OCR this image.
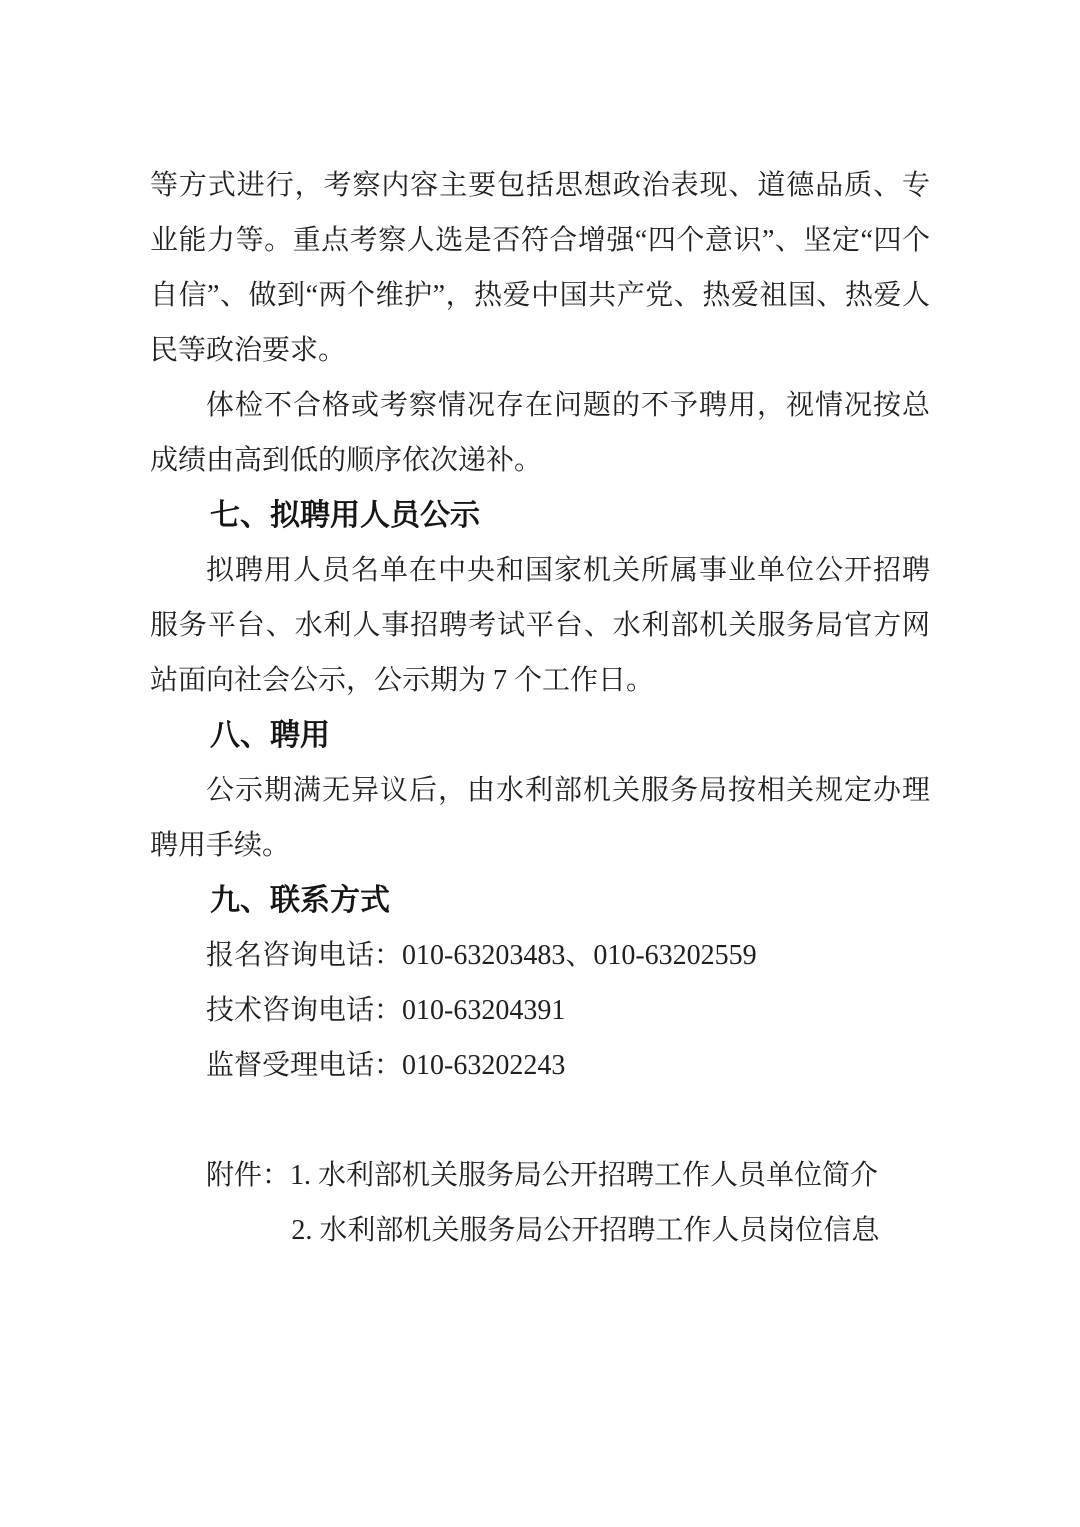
等方式进行，考察内容主要包括思想政治表现、道德品质、专业能力等。重点考察人选是否符合增强“四个意识”、坚定“四个自信”、做到“两个维护”，热爱中国共产党、热爱祖国、热爱人民等政治要求。

体检不合格或考察情况存在问题的不予聘用，视情况按总成绩由高到低的顺序依次递补。

七、拟聘用人员公示

拟聘用人员名单在中央和国家机关所属事业单位公开招聘服务平台、水利人事招聘考试平台、水利部机关服务局官方网站面向社会公示，公示期为 7 个工作日。

八、聘用

公示期满无异议后，由水利部机关服务局按相关规定办理聘用手续。

九、联系方式

报名咨询电话：010-63203483、010-63202559

技术咨询电话：010-63204391

监督受理电话：010-63202243

附件：1. 水利部机关服务局公开招聘工作人员单位简介

2. 水利部机关服务局公开招聘工作人员岗位信息
